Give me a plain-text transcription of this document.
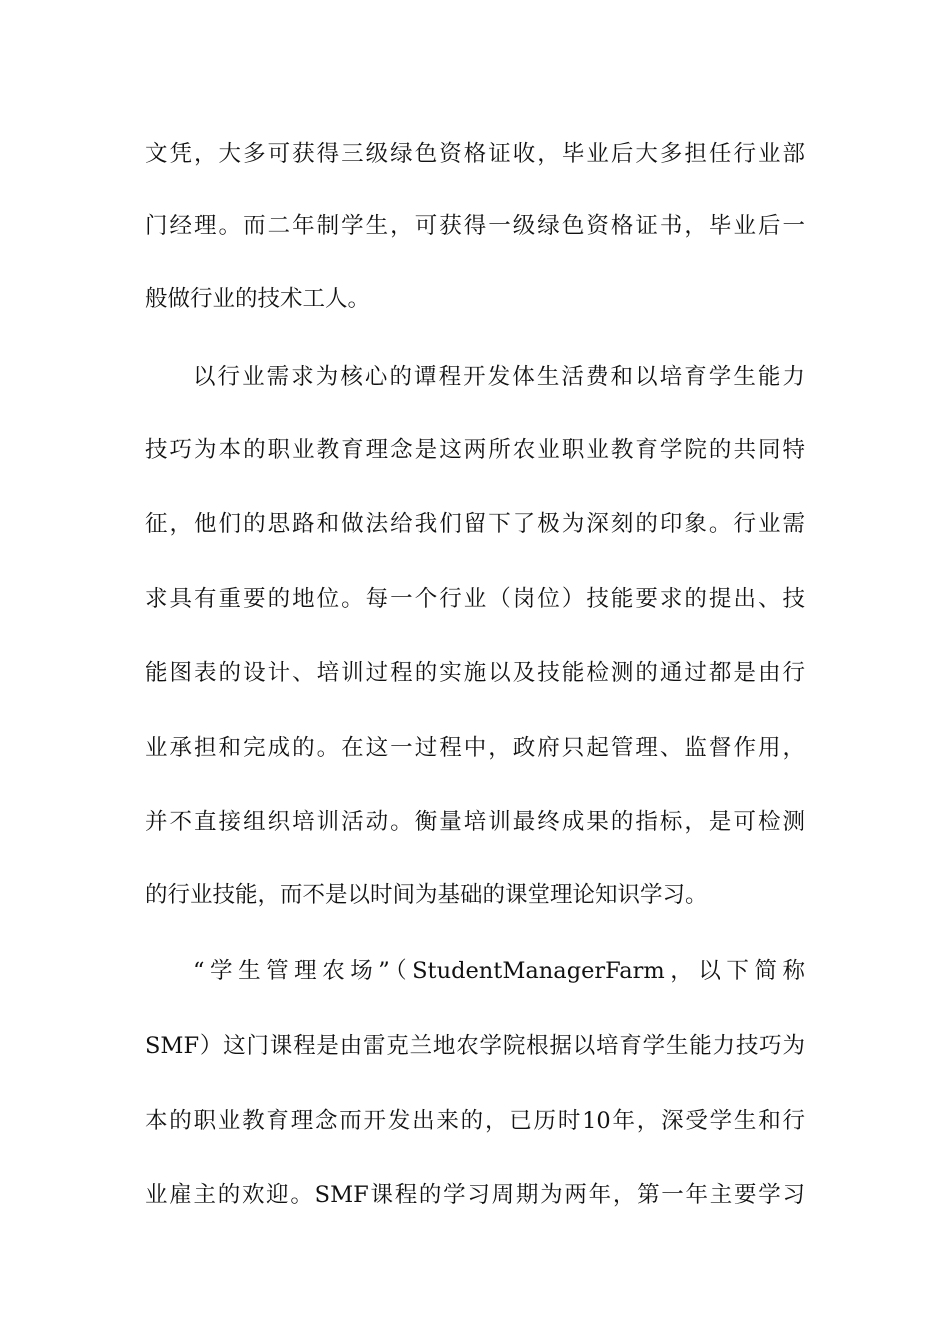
文凭，大多可获得三级绿色资格证收，毕业后大多担任行业部
门经理。而二年制学生，可获得一级绿色资格证书，毕业后一
般做行业的技术工人。
以行业需求为核心的谭程开发体生活费和以培育学生能力
技巧为本的职业教育理念是这两所农业职业教育学院的共同特
征，他们的思路和做法给我们留下了极为深刻的印象。行业需
求具有重要的地位。每一个行业（岗位）技能要求的提出、技
能图表的设计、培训过程的实施以及技能检测的通过都是由行
业承担和完成的。在这一过程中，政府只起管理、监督作用，
并不直接组织培训活动。衡量培训最终成果的指标，是可检测
的行业技能，而不是以时间为基础的课堂理论知识学习。
“学生管理农场”（StudentManagerFarm，以下简称
SMF）这门课程是由雷克兰地农学院根据以培育学生能力技巧为
本的职业教育理念而开发出来的，已历时10年，深受学生和行
业雇主的欢迎。SMF课程的学习周期为两年，第一年主要学习
